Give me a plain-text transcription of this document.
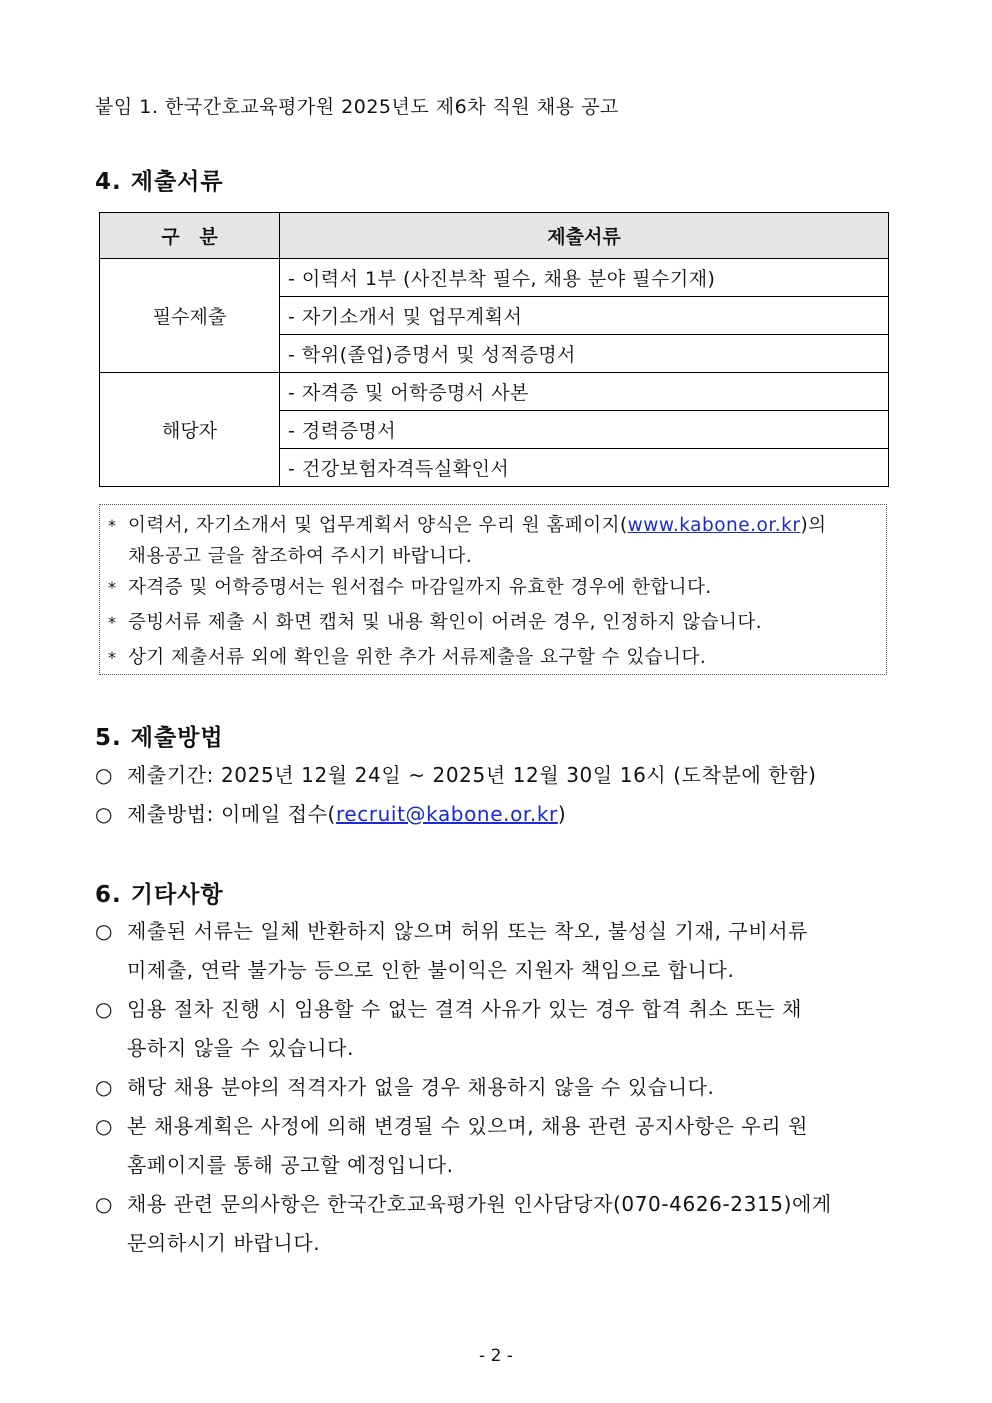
붙임 1. 한국간호교육평가원 2025년도 제6차 직원 채용 공고
4. 제출서류
구   분	제출서류
필수제출	- 이력서 1부 (사진부착 필수, 채용 분야 필수기재)
	- 자기소개서 및 업무계획서
	- 학위(졸업)증명서 및 성적증명서
해당자	- 자격증 및 어학증명서 사본
	- 경력증명서
	- 건강보험자격득실확인서
* 이력서, 자기소개서 및 업무계획서 양식은 우리 원 홈페이지(www.kabone.or.kr)의
채용공고 글을 참조하여 주시기 바랍니다.
* 자격증 및 어학증명서는 원서접수 마감일까지 유효한 경우에 한합니다.
* 증빙서류 제출 시 화면 캡처 및 내용 확인이 어려운 경우, 인정하지 않습니다.
* 상기 제출서류 외에 확인을 위한 추가 서류제출을 요구할 수 있습니다.
5. 제출방법
○ 제출기간: 2025년 12월 24일 ~ 2025년 12월 30일 16시 (도착분에 한함)
○ 제출방법: 이메일 접수(recruit@kabone.or.kr)
6. 기타사항
○ 제출된 서류는 일체 반환하지 않으며 허위 또는 착오, 불성실 기재, 구비서류
미제출, 연락 불가능 등으로 인한 불이익은 지원자 책임으로 합니다.
○ 임용 절차 진행 시 임용할 수 없는 결격 사유가 있는 경우 합격 취소 또는 채
용하지 않을 수 있습니다.
○ 해당 채용 분야의 적격자가 없을 경우 채용하지 않을 수 있습니다.
○ 본 채용계획은 사정에 의해 변경될 수 있으며, 채용 관련 공지사항은 우리 원
홈페이지를 통해 공고할 예정입니다.
○ 채용 관련 문의사항은 한국간호교육평가원 인사담당자(070-4626-2315)에게
문의하시기 바랍니다.
- 2 -
